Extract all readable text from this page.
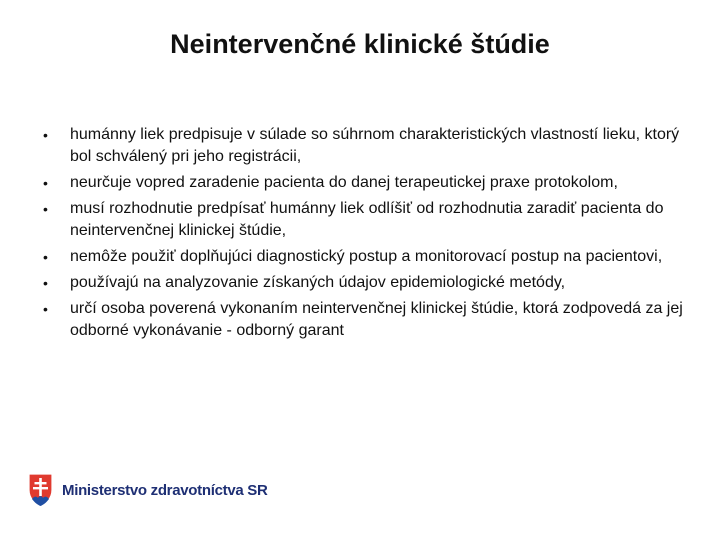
Neintervenčné klinické štúdie
• humánny liek predpisuje v súlade so súhrnom charakteristických vlastností lieku, ktorý bol schválený pri jeho registrácii,
• neurčuje vopred zaradenie pacienta do danej terapeutickej praxe protokolom,
• musí rozhodnutie predpísať humánny liek odlíšiť od rozhodnutia zaradiť pacienta do neintervenčnej klinickej štúdie,
• nemôže použiť doplňujúci diagnostický postup a monitorovací postup na pacientovi,
• používajú na analyzovanie získaných údajov epidemiologické metódy,
• určí osoba poverená vykonaním neintervenčnej klinickej štúdie, ktorá zodpovedá za jej odborné vykonávanie - odborný garant
Ministerstvo zdravotníctva SR
